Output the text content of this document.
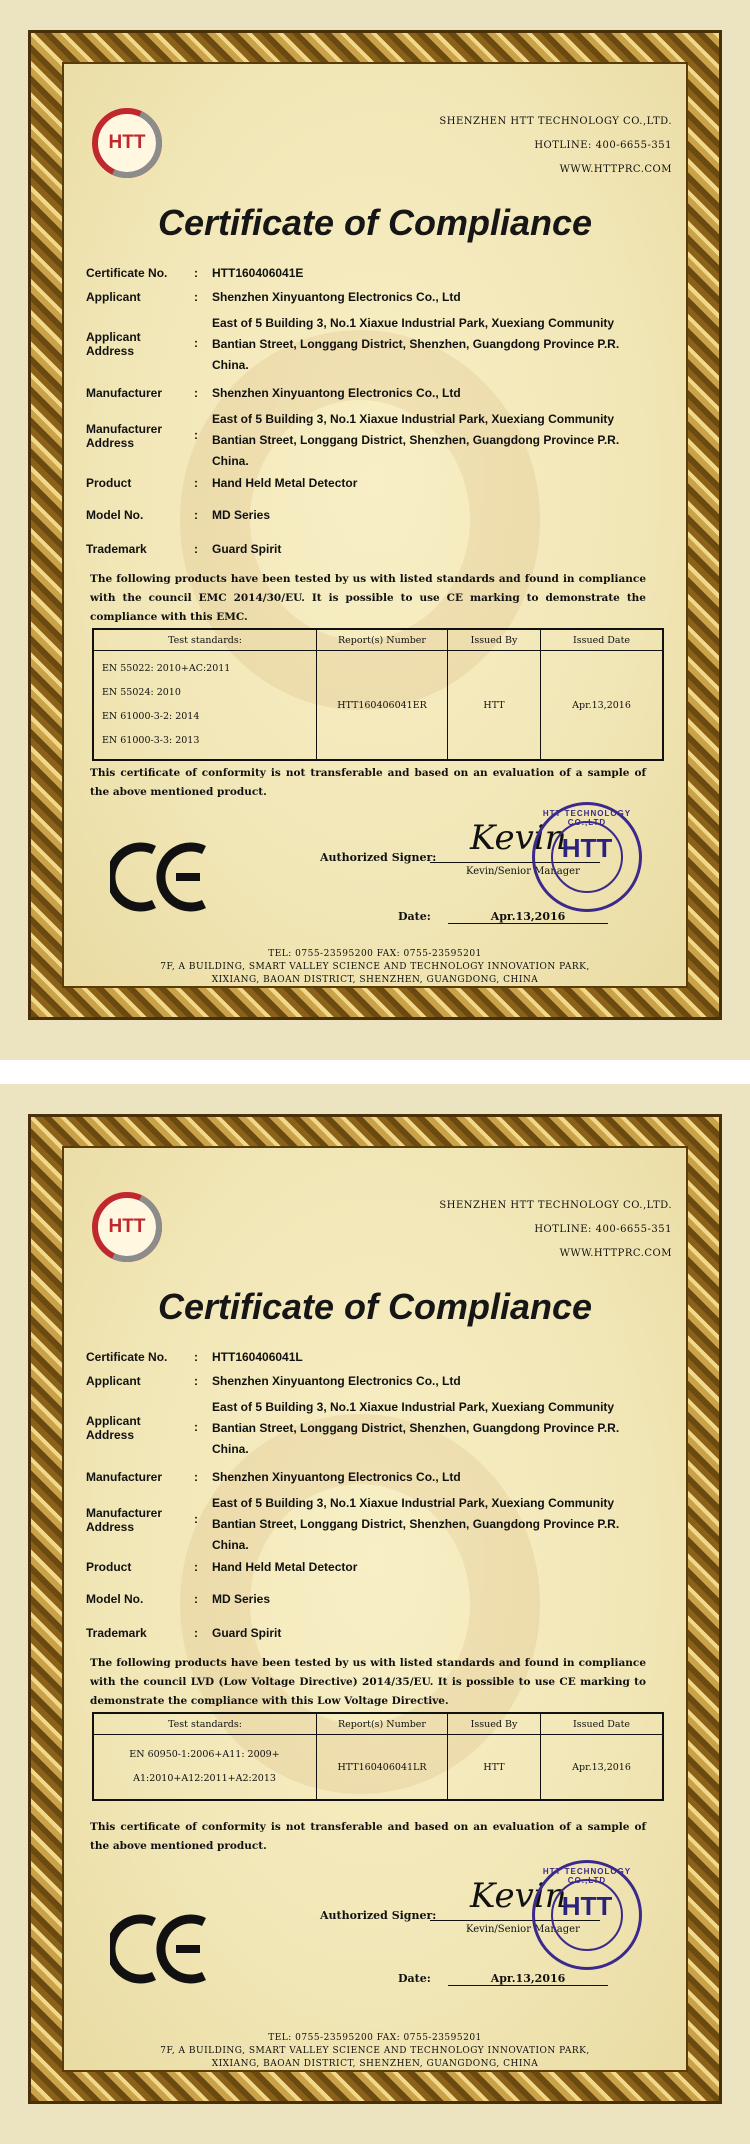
HTT
SHENZHEN HTT TECHNOLOGY CO.,LTD.
HOTLINE: 400-6655-351
WWW.HTTPRC.COM
Certificate of Compliance
Certificate No.	: HTT160406041E
Applicant	: Shenzhen Xinyuantong Electronics Co., Ltd
Applicant Address
:
East of 5 Building 3, No.1 Xiaxue Industrial Park, Xuexiang Community Bantian Street, Longgang District, Shenzhen, Guangdong Province P.R. China.
Manufacturer	: Shenzhen Xinyuantong Electronics Co., Ltd
Manufacturer Address
:
East of 5 Building 3, No.1 Xiaxue Industrial Park, Xuexiang Community Bantian Street, Longgang District, Shenzhen, Guangdong Province P.R. China.
Product	: Hand Held Metal Detector
Model No.	: MD Series
Trademark	: Guard Spirit
The following products have been tested by us with listed standards and found in compliance with the council EMC 2014/30/EU. It is possible to use CE marking to demonstrate the compliance with this EMC.
Test standards:	Report(s) Number	Issued By	Issued Date

EN 55022: 2010+AC:2011
EN 55024: 2010
EN 61000-3-2: 2014
EN 61000-3-3: 2013	HTT160406041ER	HTT	Apr.13,2016
This certificate of conformity is not transferable and based on an evaluation of a sample of the above mentioned product.
Authorized Signer: Kevin
Kevin/Senior Manager
HTT TECHNOLOGY CO.,LTD
HTT
Date:	Apr.13,2016
TEL: 0755-23595200 FAX: 0755-23595201
7F, A BUILDING, SMART VALLEY SCIENCE AND TECHNOLOGY INNOVATION PARK,
XIXIANG, BAOAN DISTRICT, SHENZHEN, GUANGDONG, CHINA
HTT
SHENZHEN HTT TECHNOLOGY CO.,LTD.
HOTLINE: 400-6655-351
WWW.HTTPRC.COM
Certificate of Compliance
Certificate No.	: HTT160406041L
Applicant	: Shenzhen Xinyuantong Electronics Co., Ltd
Applicant Address
:
East of 5 Building 3, No.1 Xiaxue Industrial Park, Xuexiang Community Bantian Street, Longgang District, Shenzhen, Guangdong Province P.R. China.
Manufacturer	: Shenzhen Xinyuantong Electronics Co., Ltd
Manufacturer Address
:
East of 5 Building 3, No.1 Xiaxue Industrial Park, Xuexiang Community Bantian Street, Longgang District, Shenzhen, Guangdong Province P.R. China.
Product	: Hand Held Metal Detector
Model No.	: MD Series
Trademark	: Guard Spirit
The following products have been tested by us with listed standards and found in compliance with the council LVD (Low Voltage Directive) 2014/35/EU. It is possible to use CE marking to demonstrate the compliance with this Low Voltage Directive.
Test standards:	Report(s) Number	Issued By	Issued Date

EN 60950-1:2006+A11: 2009+
A1:2010+A12:2011+A2:2013	HTT160406041LR	HTT	Apr.13,2016
This certificate of conformity is not transferable and based on an evaluation of a sample of the above mentioned product.
Authorized Signer: Kevin
Kevin/Senior Manager
HTT TECHNOLOGY CO.,LTD
HTT
Date:	Apr.13,2016
TEL: 0755-23595200 FAX: 0755-23595201
7F, A BUILDING, SMART VALLEY SCIENCE AND TECHNOLOGY INNOVATION PARK,
XIXIANG, BAOAN DISTRICT, SHENZHEN, GUANGDONG, CHINA
